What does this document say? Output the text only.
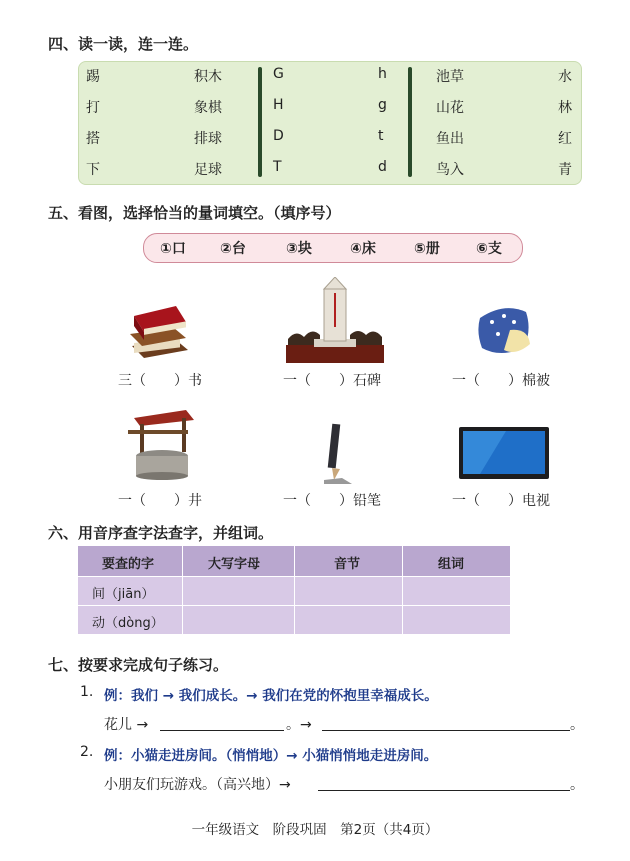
四、读一读，连一连。
踢
打
搭
下
积木
象棋
排球
足球
G
H
D
T
h
g
t
d
池草
山花
鱼出
鸟入
水
林
红
青
五、看图，选择恰当的量词填空。（填序号）
①口 ②台	③块	④床	⑤册	⑥支
三（ ）书	一（ ）石碑	一（ ）棉被
一（ ）井	一（ ）铅笔	一（ ）电视
六、用音序查字法查字，并组词。
要查的字	大写字母	音节	组词
间（jiān）
动（dòng）
七、按要求完成句子练习。
1. 例：我们 → 我们成长。→ 我们在党的怀抱里幸福成长。
花儿 →	。→	。
2. 例：小猫走进房间。（悄悄地）→ 小猫悄悄地走进房间。
小朋友们玩游戏。（高兴地）→	。
一年级语文　阶段巩固　第2页（共4页）
